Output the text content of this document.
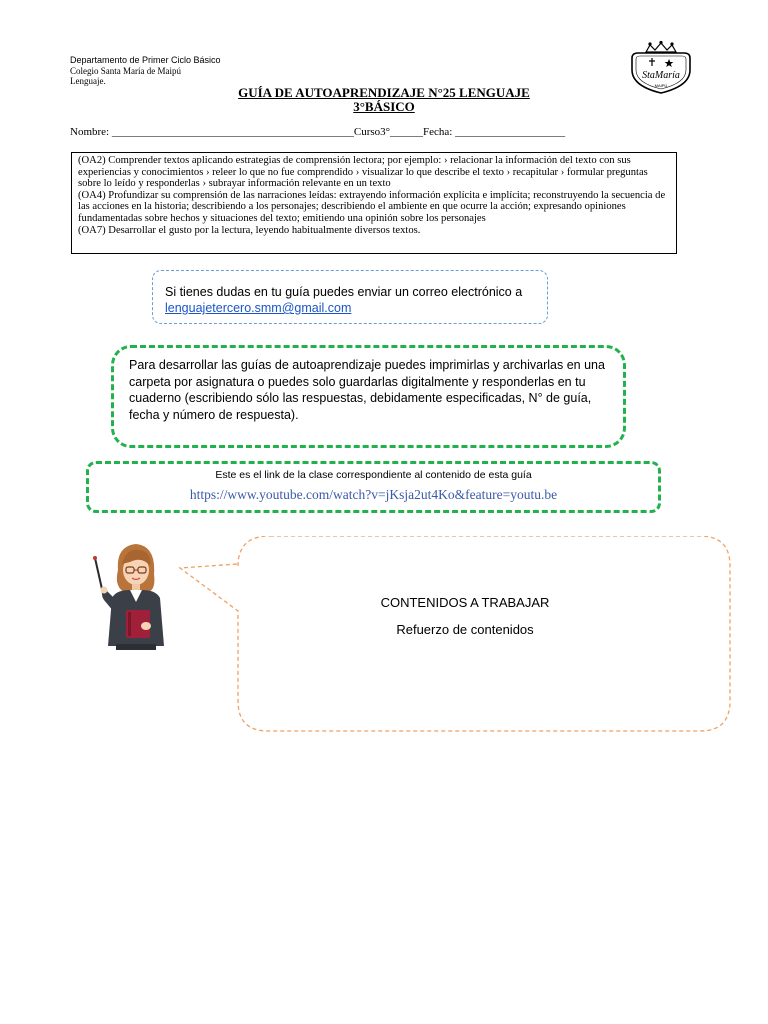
Departamento de Primer Ciclo Básico
Colegio Santa María de Maipú
Lenguaje.	StaMaría
MAIPÚ
GUÍA DE AUTOAPRENDIZAJE N°25 LENGUAJE
3°BÁSICO
Nombre: ____________________________________________Curso3°______Fecha: ____________________

(OA2) Comprender textos aplicando estrategias de comprensión lectora; por ejemplo: › relacionar la información del texto con sus experiencias y conocimientos › releer lo que no fue comprendido › visualizar lo que describe el texto › recapitular › formular preguntas sobre lo leído y responderlas › subrayar información relevante en un texto

(OA4) Profundizar su comprensión de las narraciones leídas: extrayendo información explícita e implícita; reconstruyendo la secuencia de las acciones en la historia; describiendo a los personajes; describiendo el ambiente en que ocurre la acción; expresando opiniones fundamentadas sobre hechos y situaciones del texto; emitiendo una opinión sobre los personajes

(OA7) Desarrollar el gusto por la lectura, leyendo habitualmente diversos textos.

Si tienes dudas en tu guía puedes enviar un correo electrónico a lenguajetercero.smm@gmail.com
Para desarrollar las guías de autoaprendizaje puedes imprimirlas y archivarlas en una carpeta por asignatura o puedes solo guardarlas digitalmente y responderlas en tu cuaderno (escribiendo sólo las respuestas, debidamente especificadas, N° de guía, fecha y número de respuesta).
Este es el link de la clase correspondiente al contenido de esta guía
https://www.youtube.com/watch?v=jKsja2ut4Ko&feature=youtu.be
CONTENIDOS A TRABAJAR
Refuerzo de contenidos
